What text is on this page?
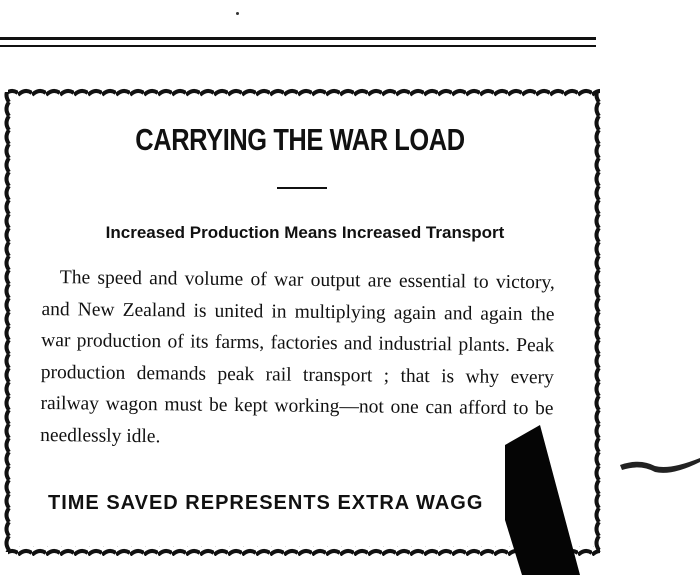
CARRYING THE WAR LOAD
Increased Production Means Increased Transport
The speed and volume of war output are essential to victory, and New Zealand is united in multiplying again and again the war production of its farms, factories and industrial plants. Peak production demands peak rail transport ; that is why every railway wagon must be kept working—not one can afford to be needlessly idle.
TIME SAVED REPRESENTS EXTRA WAGG
